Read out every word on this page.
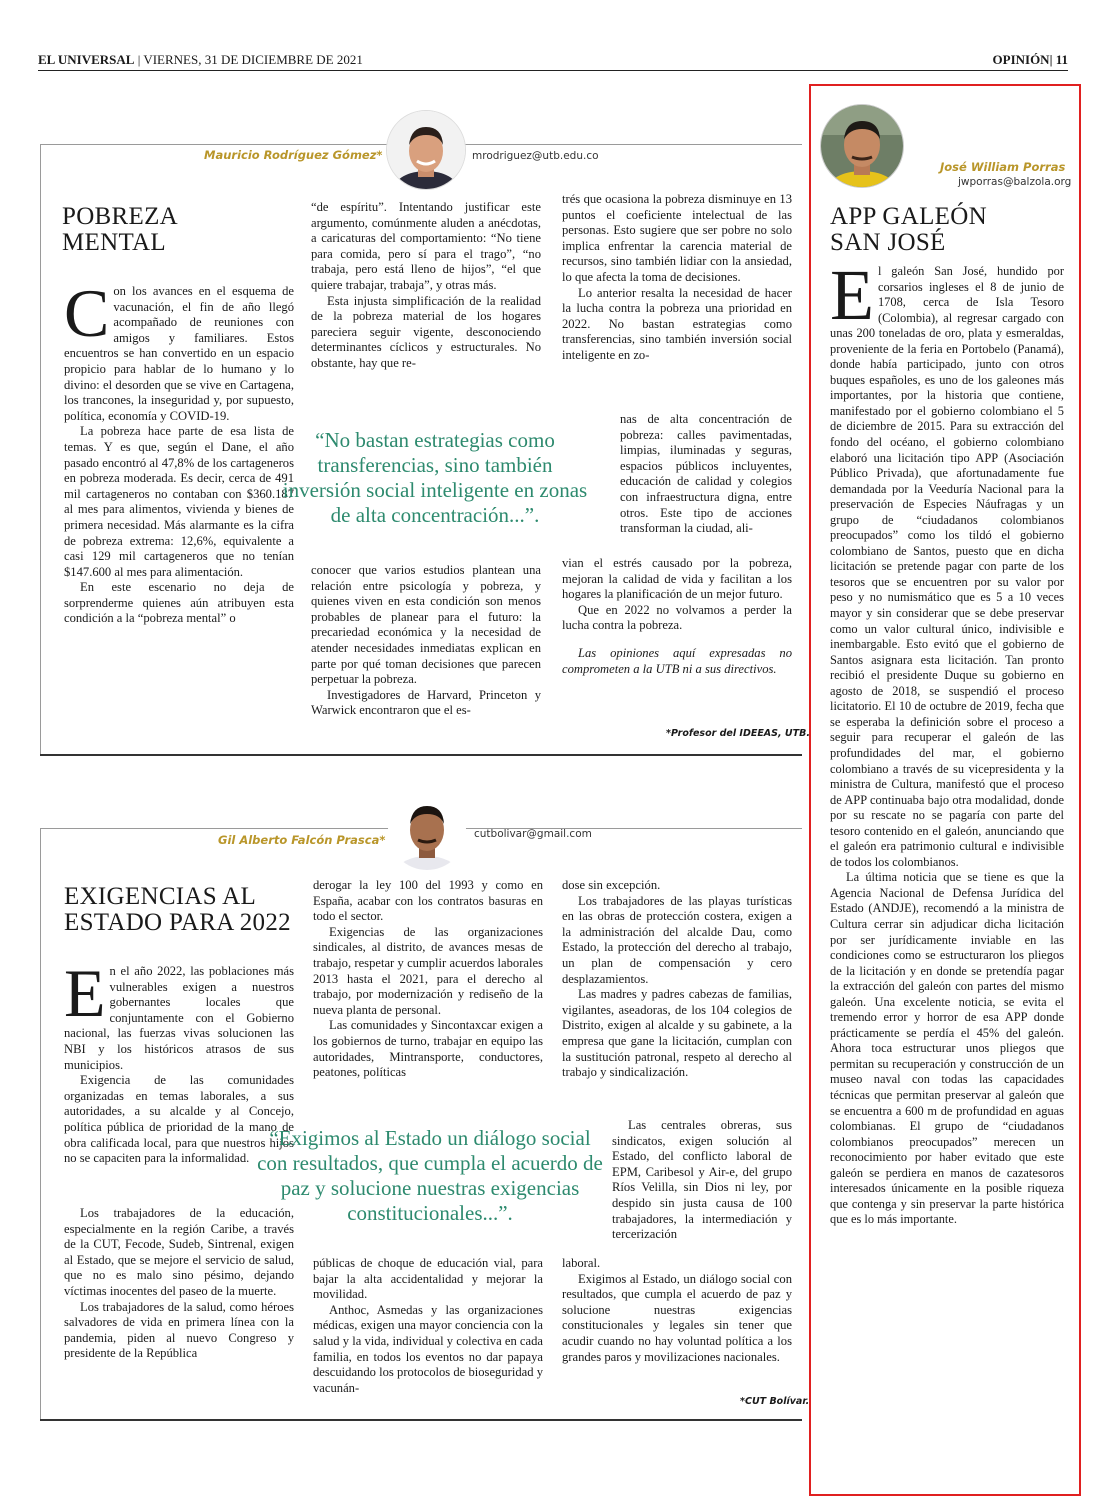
EL UNIVERSAL | VIERNES, 31 DE DICIEMBRE DE 2021	OPINIÓN| 11
Mauricio Rodríguez Gómez*	mrodriguez@utb.edu.co
POBREZA
MENTAL

Con los avances en el esquema de vacunación, el fin de año llegó acompañado de reuniones con amigos y familiares. Estos encuentros se han convertido en un espacio propicio para hablar de lo humano y lo divino: el desorden que se vive en Cartagena, los trancones, la inseguridad y, por supuesto, política, economía y COVID-19.

La pobreza hace parte de esa lista de temas. Y es que, según el Dane, el año pasado encontró al 47,8% de los cartageneros en pobreza moderada. Es decir, cerca de 491 mil cartageneros no contaban con $360.187 al mes para alimentos, vivienda y bienes de primera necesidad. Más alarmante es la cifra de pobreza extrema: 12,6%, equivalente a casi 129 mil cartageneros que no tenían $147.600 al mes para alimentación.

En este escenario no deja de sorprenderme quienes aún atribuyen esta condición a la “pobreza mental” o

“de espíritu”. Intentando justificar este argumento, comúnmente aluden a anécdotas, a caricaturas del comportamiento: “No tiene para comida, pero sí para el trago”, “no trabaja, pero está lleno de hijos”, “el que quiere trabajar, trabaja”, y otras más.

Esta injusta simplificación de la realidad de la pobreza material de los hogares pareciera seguir vigente, desconociendo determinantes cíclicos y estructurales. No obstante, hay que re-

“No bastan estrategias como transferencias, sino también inversión social inteligente en zonas de alta concentración...”.

conocer que varios estudios plantean una relación entre psicología y pobreza, y quienes viven en esta condición son menos probables de planear para el futuro: la precariedad económica y la necesidad de atender necesidades inmediatas explican en parte por qué toman decisiones que parecen perpetuar la pobreza.

Investigadores de Harvard, Princeton y Warwick encontraron que el es-

trés que ocasiona la pobreza disminuye en 13 puntos el coeficiente intelectual de las personas. Esto sugiere que ser pobre no solo implica enfrentar la carencia material de recursos, sino también lidiar con la ansiedad, lo que afecta la toma de decisiones.

Lo anterior resalta la necesidad de hacer la lucha contra la pobreza una prioridad en 2022. No bastan estrategias como transferencias, sino también inversión social inteligente en zo-

nas de alta concentración de pobreza: calles pavimentadas, limpias, iluminadas y seguras, espacios públicos incluyentes, educación de calidad y colegios con infraestructura digna, entre otros. Este tipo de acciones transforman la ciudad, ali-

vian el estrés causado por la pobreza, mejoran la calidad de vida y facilitan a los hogares la planificación de un mejor futuro.

Que en 2022 no volvamos a perder la lucha contra la pobreza.

Las opiniones aquí expresadas no comprometen a la UTB ni a sus directivos.

*Profesor del IDEEAS, UTB.
Gil Alberto Falcón Prasca*	cutbolivar@gmail.com
EXIGENCIAS AL
ESTADO PARA 2022

En el año 2022, las poblaciones más vulnerables exigen a nuestros gobernantes locales que conjuntamente con el Gobierno nacional, las fuerzas vivas solucionen las NBI y los históricos atrasos de sus municipios.

Exigencia de las comunidades organizadas en temas laborales, a sus autoridades, a su alcalde y al Concejo, política pública de prioridad de la mano de obra calificada local, para que nuestros hijos no se capaciten para la informalidad.

Los trabajadores de la educación, especialmente en la región Caribe, a través de la CUT, Fecode, Sudeb, Sintrenal, exigen al Estado, que se mejore el servicio de salud, que no es malo sino pésimo, dejando víctimas inocentes del paseo de la muerte.

Los trabajadores de la salud, como héroes salvadores de vida en primera línea con la pandemia, piden al nuevo Congreso y presidente de la República

derogar la ley 100 del 1993 y como en España, acabar con los contratos basuras en todo el sector.

Exigencias de las organizaciones sindicales, al distrito, de avances mesas de trabajo, respetar y cumplir acuerdos laborales 2013 hasta el 2021, para el derecho al trabajo, por modernización y rediseño de la nueva planta de personal.

Las comunidades y Sincontaxcar exigen a los gobiernos de turno, trabajar en equipo las autoridades, Mintransporte, conductores, peatones, políticas

“Exigimos al Estado un diálogo social con resultados, que cumpla el acuerdo de paz y solucione nuestras exigencias constitucionales...”.

públicas de choque de educación vial, para bajar la alta accidentalidad y mejorar la movilidad.

Anthoc, Asmedas y las organizaciones médicas, exigen una mayor conciencia con la salud y la vida, individual y colectiva en cada familia, en todos los eventos no dar papaya descuidando los protocolos de bioseguridad y vacunán-

dose sin excepción.

Los trabajadores de las playas turísticas en las obras de protección costera, exigen a la administración del alcalde Dau, como Estado, la protección del derecho al trabajo, un plan de compensación y cero desplazamientos.

Las madres y padres cabezas de familias, vigilantes, aseadoras, de los 104 colegios de Distrito, exigen al alcalde y su gabinete, a la empresa que gane la licitación, cumplan con la sustitución patronal, respeto al derecho al trabajo y sindicalización.

Las centrales obreras, sus sindicatos, exigen solución al Estado, del conflicto laboral de EPM, Caribesol y Air-e, del grupo Ríos Velilla, sin Dios ni ley, por despido sin justa causa de 100 trabajadores, la intermediación y tercerización

laboral.

Exigimos al Estado, un diálogo social con resultados, que cumpla el acuerdo de paz y solucione nuestras exigencias constitucionales y legales sin tener que acudir cuando no hay voluntad política a los grandes paros y movilizaciones nacionales.

*CUT Bolívar.
José William Porras
jwporras@balzola.org
APP GALEÓN
SAN JOSÉ

El galeón San José, hundido por corsarios ingleses el 8 de junio de 1708, cerca de Isla Tesoro (Colombia), al regresar cargado con unas 200 toneladas de oro, plata y esmeraldas, proveniente de la feria en Portobelo (Panamá), donde había participado, junto con otros buques españoles, es uno de los galeones más importantes, por la historia que contiene, manifestado por el gobierno colombiano el 5 de diciembre de 2015. Para su extracción del fondo del océano, el gobierno colombiano elaboró una licitación tipo APP (Asociación Público Privada), que afortunadamente fue demandada por la Veeduría Nacional para la preservación de Especies Náufragas y un grupo de “ciudadanos colombianos preocupados” como los tildó el gobierno colombiano de Santos, puesto que en dicha licitación se pretende pagar con parte de los tesoros que se encuentren por su valor por peso y no numismático que es 5 a 10 veces mayor y sin considerar que se debe preservar como un valor cultural único, indivisible e inembargable. Esto evitó que el gobierno de Santos asignara esta licitación. Tan pronto recibió el presidente Duque su gobierno en agosto de 2018, se suspendió el proceso licitatorio. El 10 de octubre de 2019, fecha que se esperaba la definición sobre el proceso a seguir para recuperar el galeón de las profundidades del mar, el gobierno colombiano a través de su vicepresidenta y la ministra de Cultura, manifestó que el proceso de APP continuaba bajo otra modalidad, donde por su rescate no se pagaría con parte del tesoro contenido en el galeón, anunciando que el galeón era patrimonio cultural e indivisible de todos los colombianos.

La última noticia que se tiene es que la Agencia Nacional de Defensa Jurídica del Estado (ANDJE), recomendó a la ministra de Cultura cerrar sin adjudicar dicha licitación por ser jurídicamente inviable en las condiciones como se estructuraron los pliegos de la licitación y en donde se pretendía pagar la extracción del galeón con partes del mismo galeón. Una excelente noticia, se evita el tremendo error y horror de esa APP donde prácticamente se perdía el 45% del galeón. Ahora toca estructurar unos pliegos que permitan su recuperación y construcción de un museo naval con todas las capacidades técnicas que permitan preservar al galeón que se encuentra a 600 m de profundidad en aguas colombianas. El grupo de “ciudadanos colombianos preocupados” merecen un reconocimiento por haber evitado que este galeón se perdiera en manos de cazatesoros interesados únicamente en la posible riqueza que contenga y sin preservar la parte histórica que es lo más importante.
